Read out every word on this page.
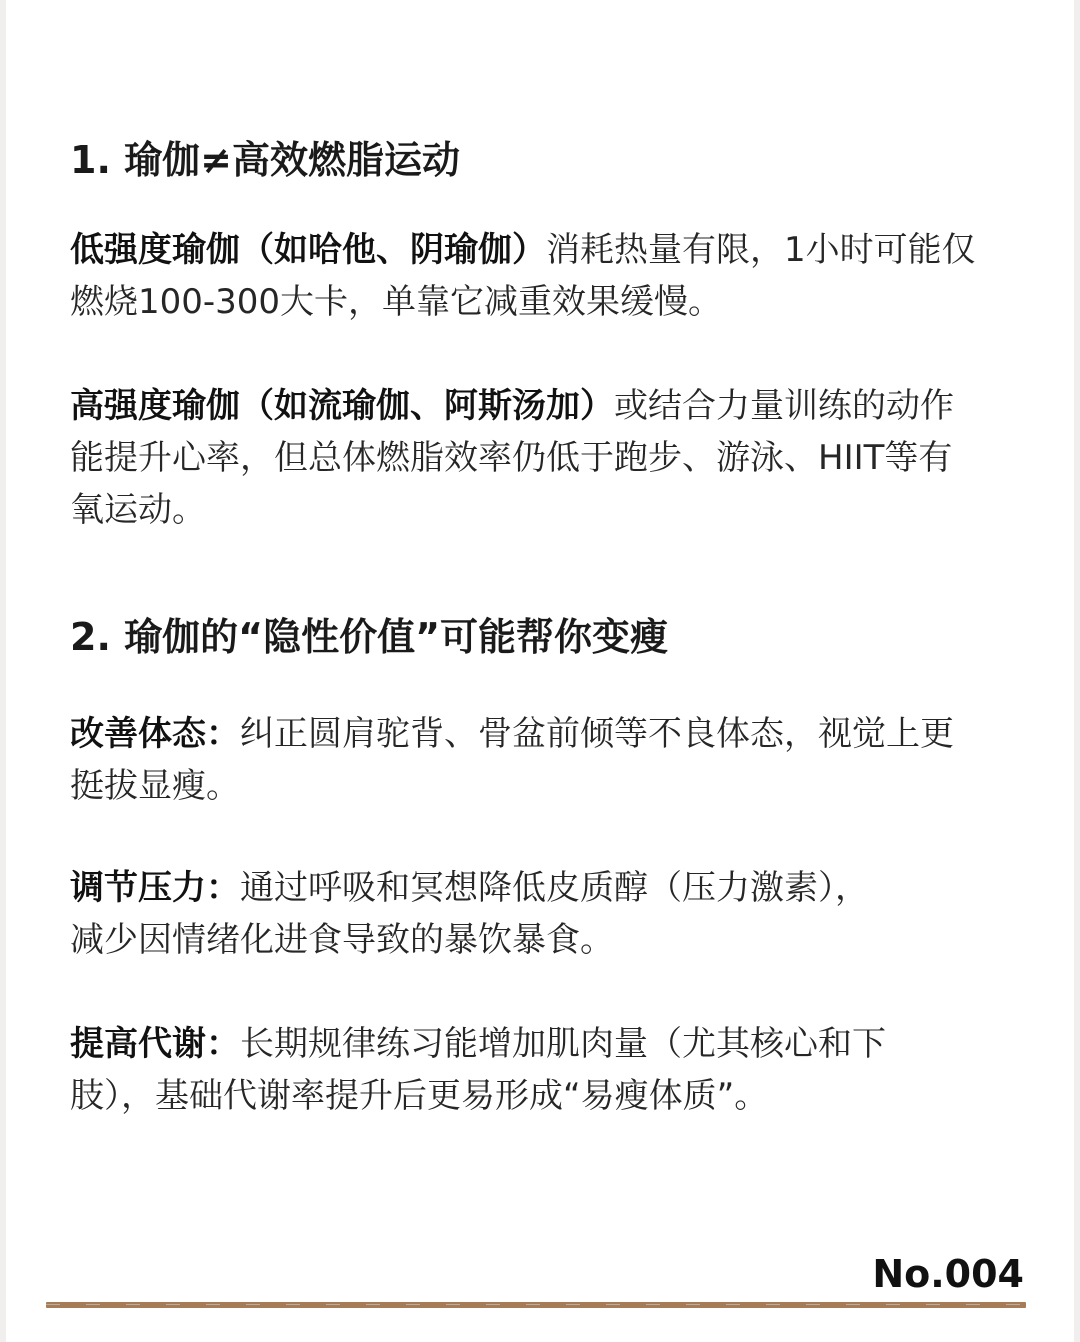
1. 瑜伽≠高效燃脂运动
低强度瑜伽（如哈他、阴瑜伽）消耗热量有限，1小时可能仅燃烧100-300大卡，单靠它减重效果缓慢。
高强度瑜伽（如流瑜伽、阿斯汤加）或结合力量训练的动作能提升心率，但总体燃脂效率仍低于跑步、游泳、HIIT等有氧运动。
2. 瑜伽的“隐性价值”可能帮你变瘦
改善体态：纠正圆肩驼背、骨盆前倾等不良体态，视觉上更挺拔显瘦。
调节压力：通过呼吸和冥想降低皮质醇（压力激素），减少因情绪化进食导致的暴饮暴食。
提高代谢：长期规律练习能增加肌肉量（尤其核心和下肢），基础代谢率提升后更易形成“易瘦体质”。
No.004
